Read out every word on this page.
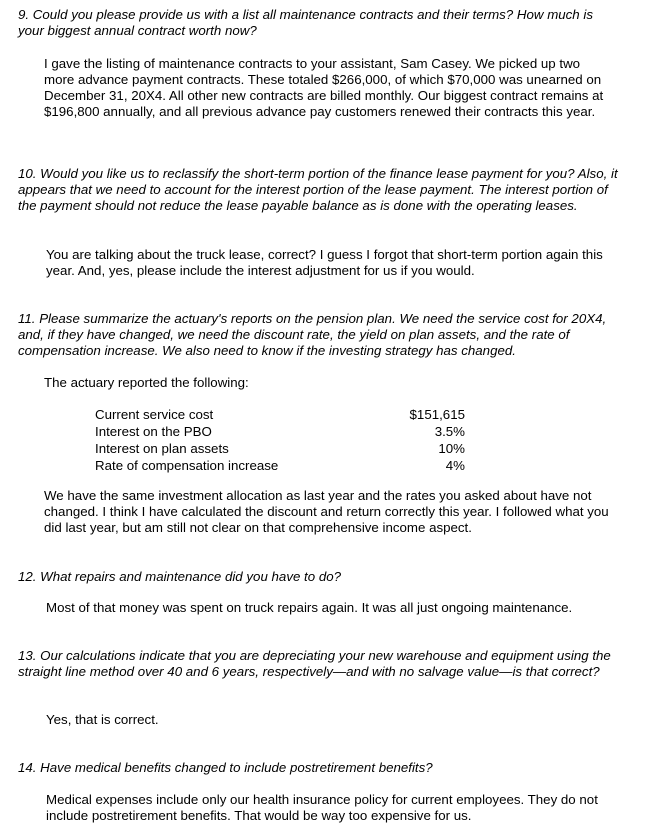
9. Could you please provide us with a list all maintenance contracts and their terms? How much is your biggest annual contract worth now?

I gave the listing of maintenance contracts to your assistant, Sam Casey. We picked up two more advance payment contracts. These totaled $266,000, of which $70,000 was unearned on December 31, 20X4. All other new contracts are billed monthly. Our biggest contract remains at $196,800 annually, and all previous advance pay customers renewed their contracts this year.

10. Would you like us to reclassify the short-term portion of the finance lease payment for you? Also, it appears that we need to account for the interest portion of the lease payment. The interest portion of the payment should not reduce the lease payable balance as is done with the operating leases.

You are talking about the truck lease, correct? I guess I forgot that short-term portion again this year. And, yes, please include the interest adjustment for us if you would.

11. Please summarize the actuary's reports on the pension plan. We need the service cost for 20X4, and, if they have changed, we need the discount rate, the yield on plan assets, and the rate of compensation increase. We also need to know if the investing strategy has changed.

The actuary reported the following:

Current service cost	$151,615
Interest on the PBO	3.5%
Interest on plan assets	10%
Rate of compensation increase	4%

We have the same investment allocation as last year and the rates you asked about have not changed. I think I have calculated the discount and return correctly this year. I followed what you did last year, but am still not clear on that comprehensive income aspect.

12. What repairs and maintenance did you have to do?

Most of that money was spent on truck repairs again. It was all just ongoing maintenance.

13. Our calculations indicate that you are depreciating your new warehouse and equipment using the straight line method over 40 and 6 years, respectively—and with no salvage value—is that correct?

Yes, that is correct.

14. Have medical benefits changed to include postretirement benefits?

Medical expenses include only our health insurance policy for current employees. They do not include postretirement benefits. That would be way too expensive for us.
